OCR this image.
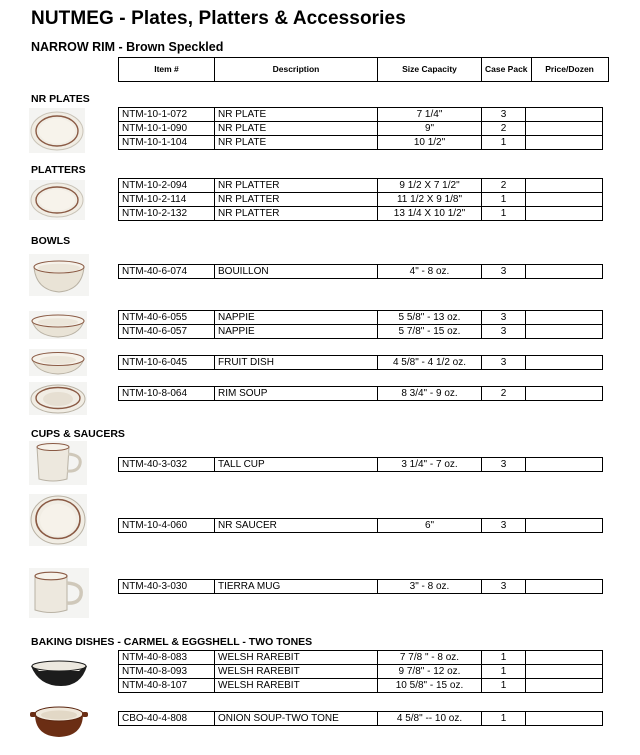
NUTMEG - Plates, Platters & Accessories
NARROW RIM - Brown Speckled
Item #	Description	Size Capacity	Case Pack	Price/Dozen
NR PLATES
PLATTERS
BOWLS
CUPS & SAUCERS
BAKING DISHES - CARMEL & EGGSHELL - TWO TONES
NTM-10-1-072	NR PLATE	7 1/4"	3	
NTM-10-1-090	NR PLATE	9"	2	
NTM-10-1-104	NR PLATE	10 1/2"	1	
NTM-10-2-094	NR PLATTER	9 1/2 X 7 1/2"	2	
NTM-10-2-114	NR PLATTER	11 1/2 X 9 1/8"	1	
NTM-10-2-132	NR PLATTER	13 1/4 X 10 1/2"	1	
NTM-40-6-074	BOUILLON	4" - 8 oz.	3	
NTM-40-6-055	NAPPIE	5 5/8" - 13 oz.	3	
NTM-40-6-057	NAPPIE	5 7/8" - 15 oz.	3	
NTM-10-6-045	FRUIT DISH	4 5/8" - 4 1/2 oz.	3	
NTM-10-8-064	RIM SOUP	8 3/4" - 9 oz.	2	
NTM-40-3-032	TALL CUP	3 1/4" - 7 oz.	3	
NTM-10-4-060	NR SAUCER	6"	3	
NTM-40-3-030	TIERRA MUG	3" - 8 oz.	3	
NTM-40-8-083	WELSH RAREBIT	7 7/8 " - 8 oz.	1	
NTM-40-8-093	WELSH RAREBIT	9 7/8" - 12 oz.	1	
NTM-40-8-107	WELSH RAREBIT	10 5/8" - 15 oz.	1	
CBO-40-4-808	ONION SOUP-TWO TONE	4 5/8" -- 10 oz.	1	
